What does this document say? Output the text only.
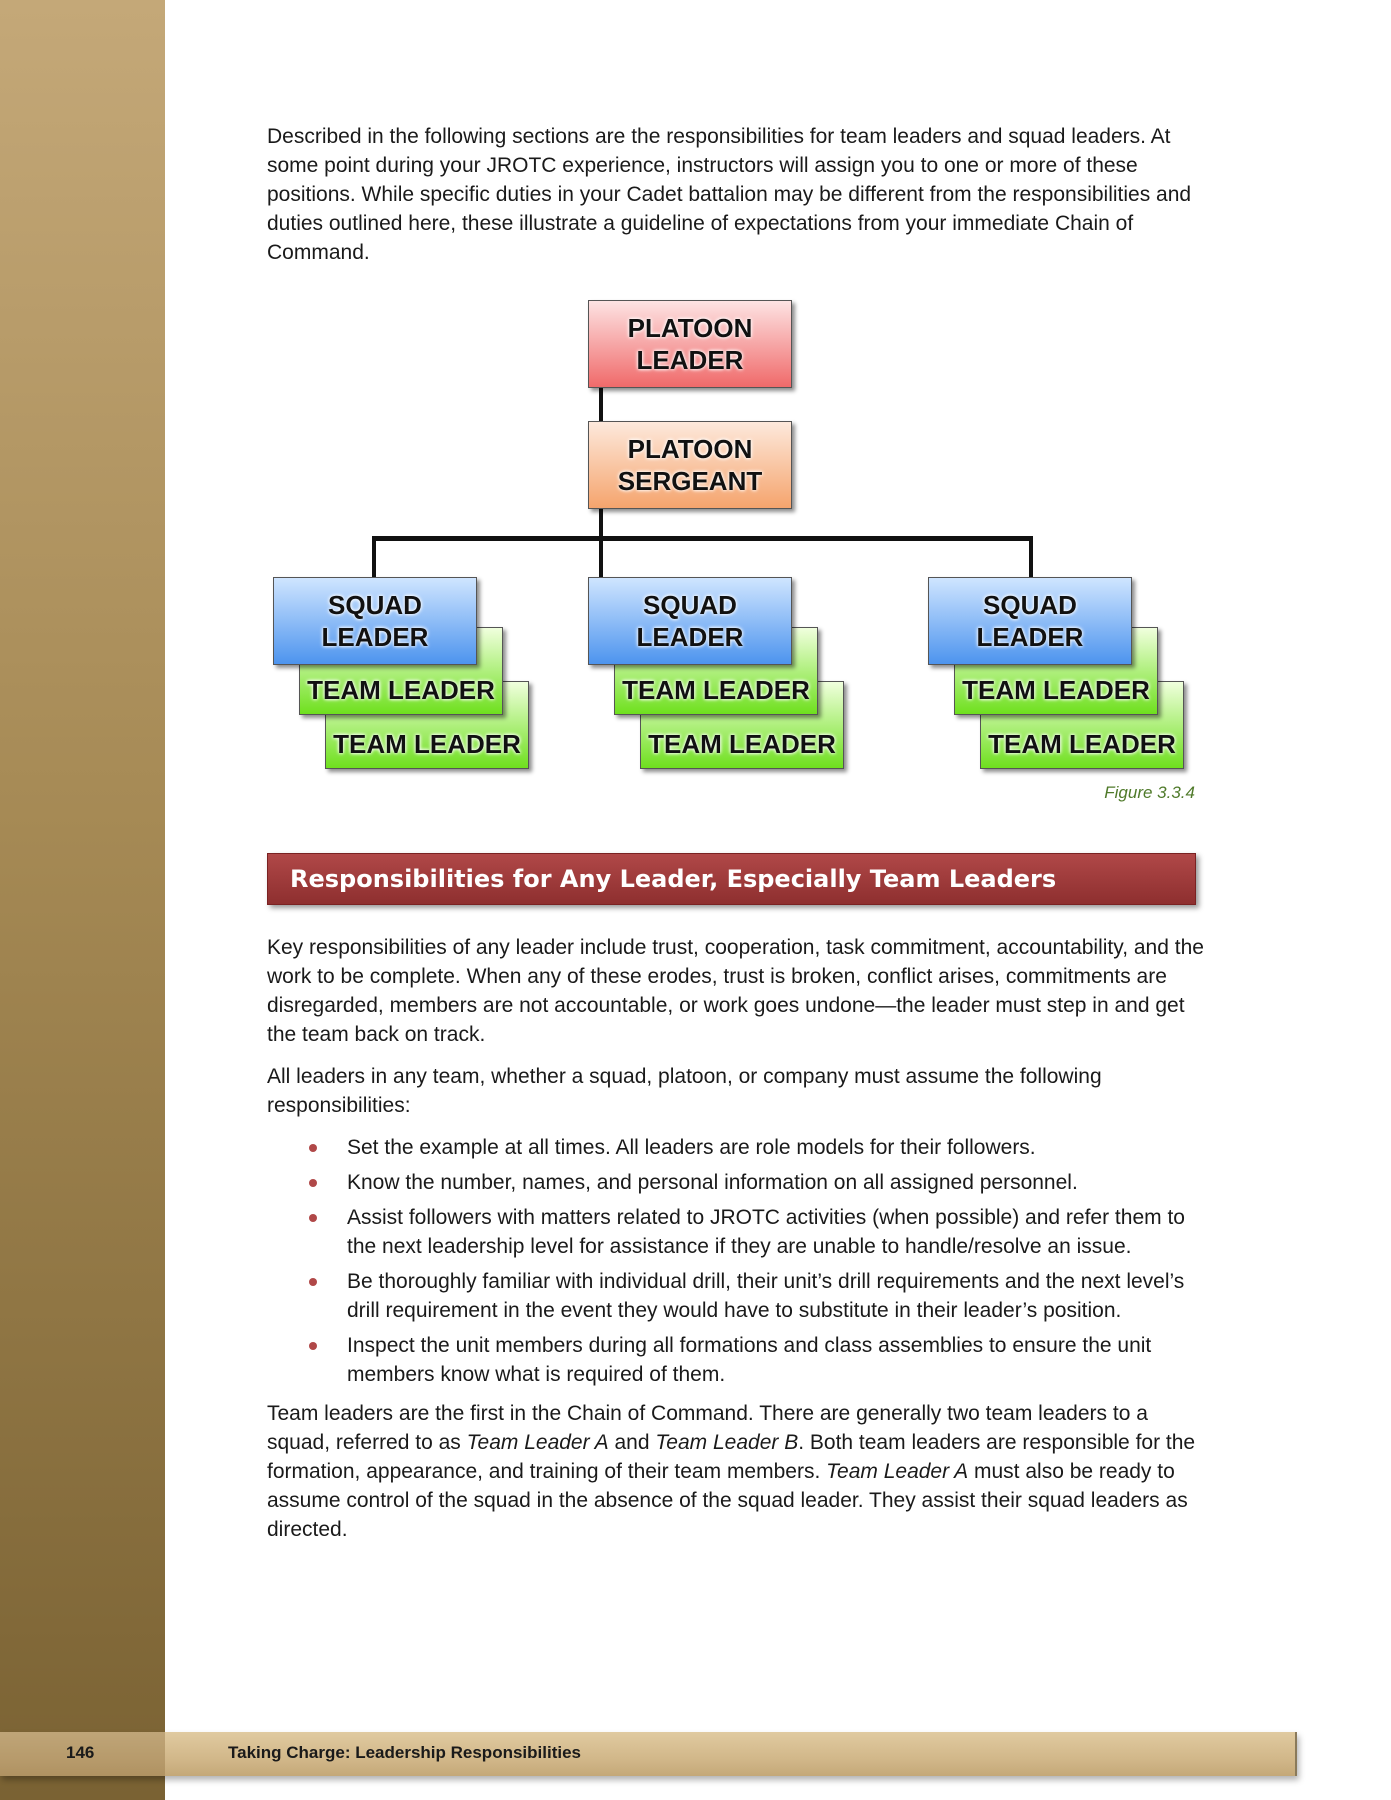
Described in the following sections are the responsibilities for team leaders and squad leaders. At some point during your JROTC experience, instructors will assign you to one or more of these positions. While specific duties in your Cadet battalion may be different from the responsibilities and duties outlined here, these illustrate a guideline of expectations from your immediate Chain of Command.

PLATOON
LEADER
PLATOON
SERGEANT
TEAM LEADER
TEAM LEADER
SQUAD
LEADER
TEAM LEADER
TEAM LEADER
SQUAD
LEADER
TEAM LEADER
TEAM LEADER
SQUAD
LEADER
Figure 3.3.4
Responsibilities for Any Leader, Especially Team Leaders

Key responsibilities of any leader include trust, cooperation, task commitment, accountability, and the work to be complete. When any of these erodes, trust is broken, conflict arises, commitments are disregarded, members are not accountable, or work goes undone—the leader must step in and get the team back on track.

All leaders in any team, whether a squad, platoon, or company must assume the following responsibilities:

Set the example at all times. All leaders are role models for their followers.
Know the number, names, and personal information on all assigned personnel.
Assist followers with matters related to JROTC activities (when possible) and refer them to the next leadership level for assistance if they are unable to handle/resolve an issue.
Be thoroughly familiar with individual drill, their unit’s drill requirements and the next level’s drill requirement in the event they would have to substitute in their leader’s position.
Inspect the unit members during all formations and class assemblies to ensure the unit members know what is required of them.

Team leaders are the first in the Chain of Command. There are generally two team leaders to a squad, referred to as Team Leader A and Team Leader B. Both team leaders are responsible for the formation, appearance, and training of their team members. Team Leader A must also be ready to assume control of the squad in the absence of the squad leader. They assist their squad leaders as directed.

146	Taking Charge: Leadership Responsibilities
